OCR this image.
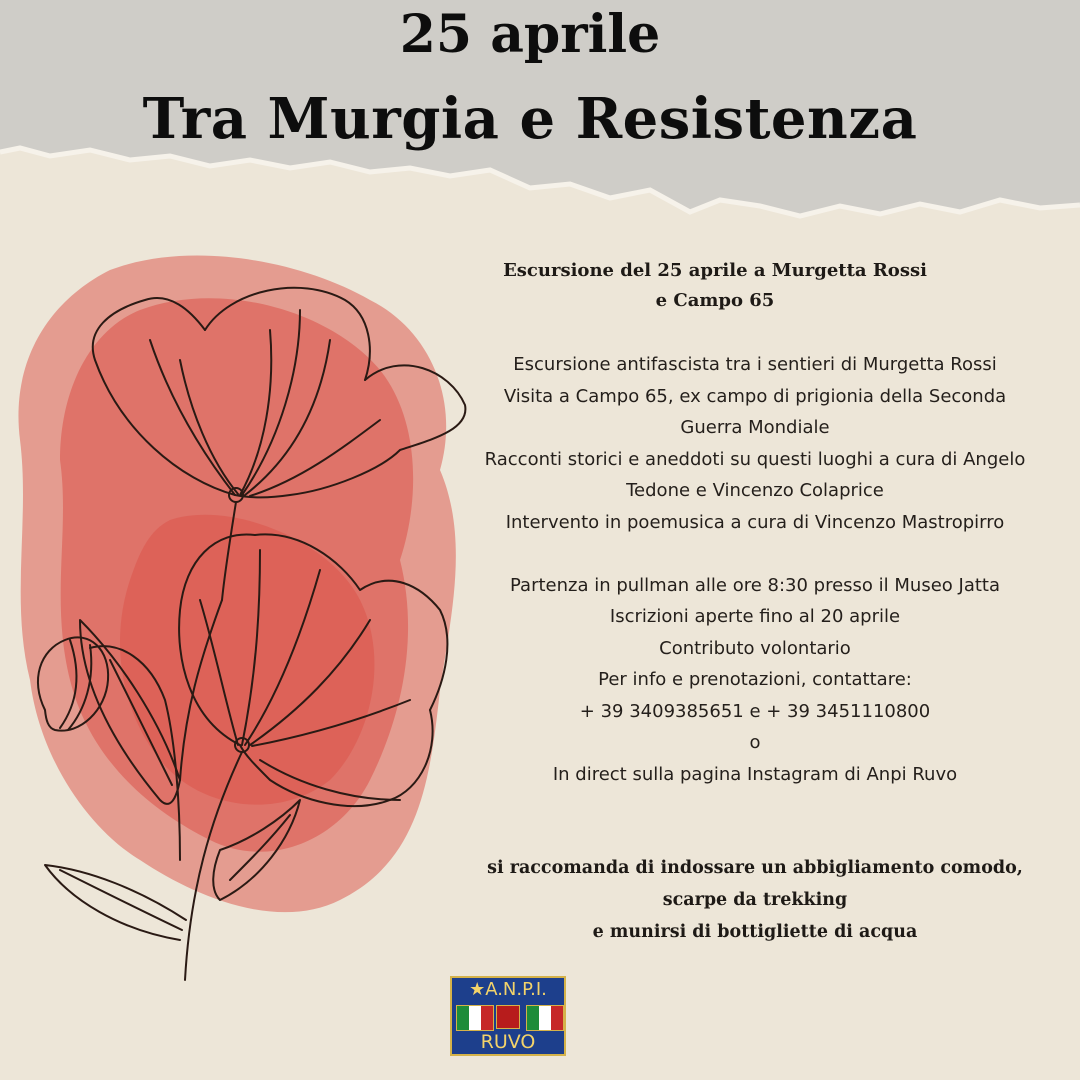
25 aprile
Tra Murgia e Resistenza
Escursione del 25 aprile a Murgetta Rossi
e Campo 65
Escursione antifascista tra i sentieri di Murgetta Rossi
Visita a Campo 65, ex campo di prigionia della Seconda
Guerra Mondiale
Racconti storici e aneddoti su questi luoghi a cura di Angelo
Tedone e Vincenzo Colaprice
Intervento in poemusica a cura di Vincenzo Mastropirro
Partenza in pullman alle ore 8:30 presso il Museo Jatta
Iscrizioni aperte fino al 20 aprile
Contributo volontario
Per info e prenotazioni, contattare:
+ 39 3409385651 e + 39 3451110800
o
In direct sulla pagina Instagram di Anpi Ruvo
si raccomanda di indossare un abbigliamento comodo,
scarpe da trekking
e munirsi di bottigliette di acqua
★A.N.P.I.
RUVO
